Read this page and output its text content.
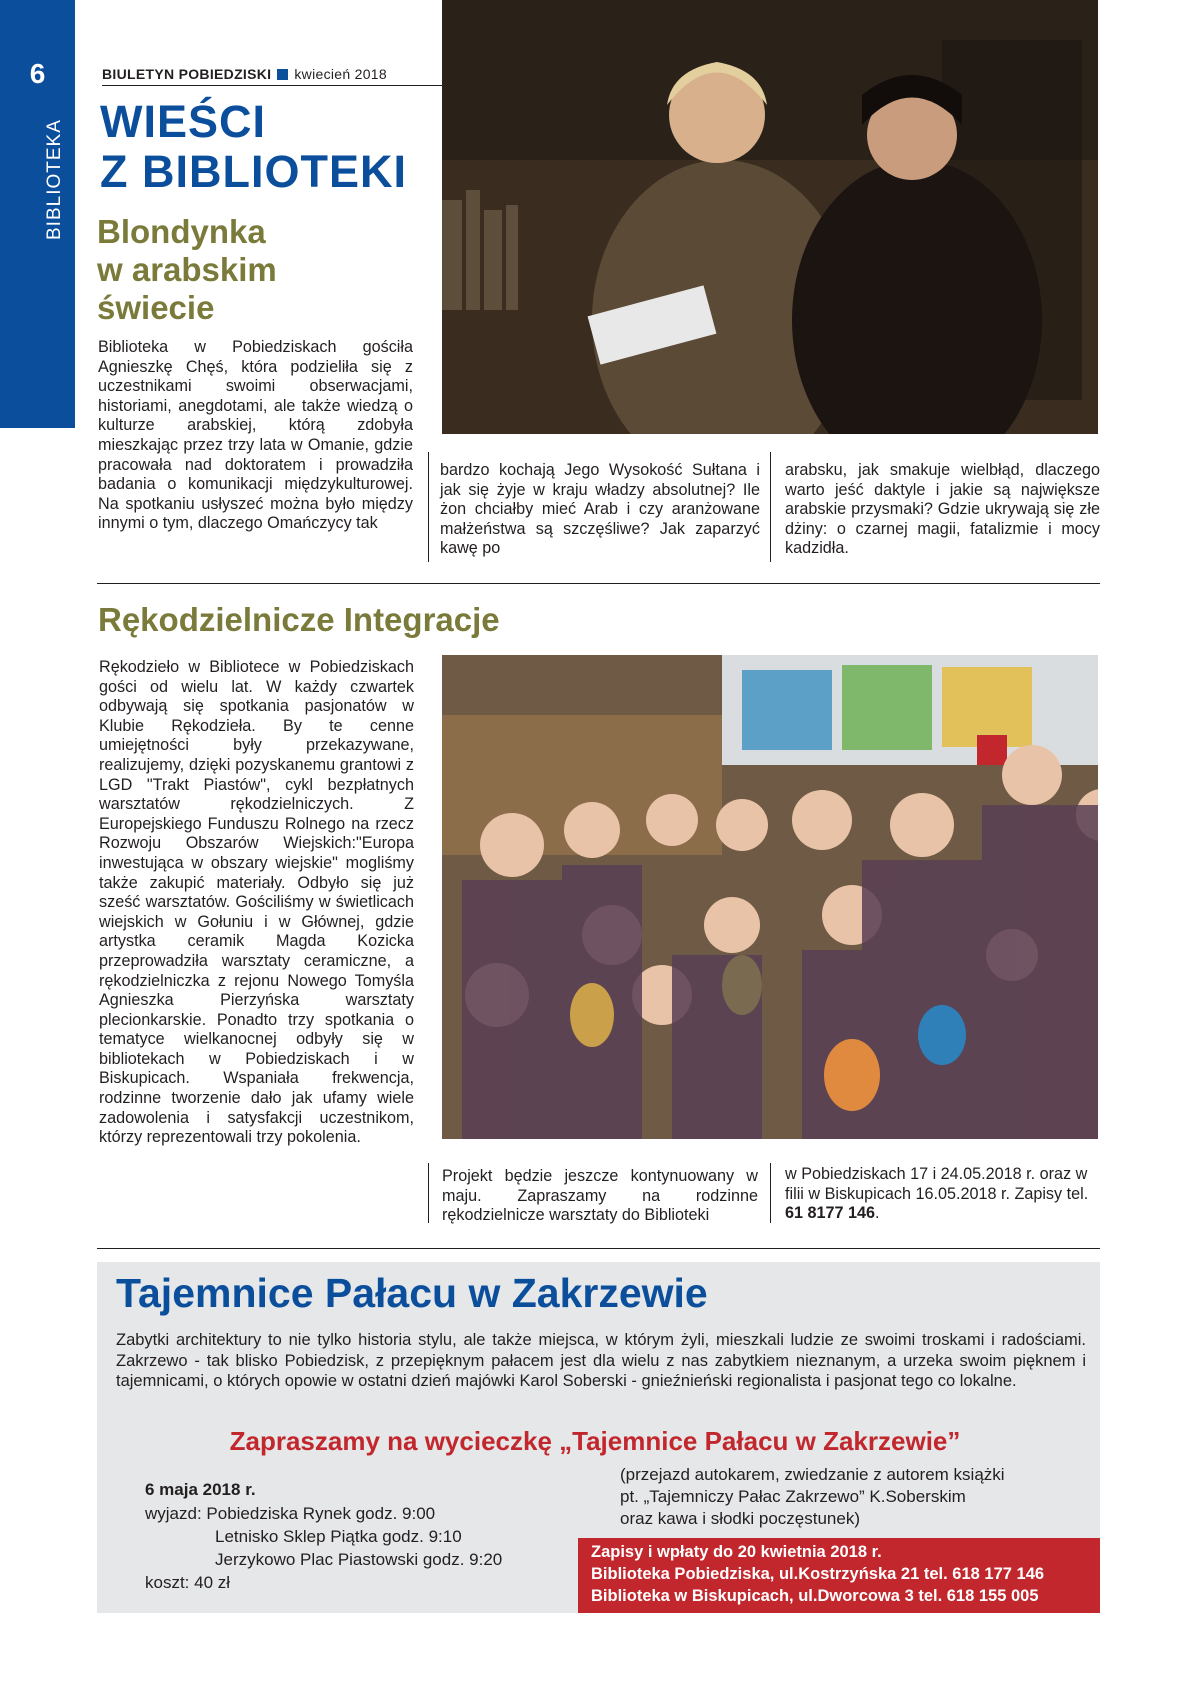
6
BIBLIOTEKA
BIULETYN POBIEDZISKI kwiecień 2018
WIEŚCI
Z BIBLIOTEKI
Blondynka
w arabskim
świecie
Biblioteka w Pobiedziskach gościła Agnieszkę Chęś, która podzieliła się z uczestnikami swoimi obserwacjami, historiami, anegdotami, ale także wiedzą o kulturze arabskiej, którą zdobyła mieszkając przez trzy lata w Omanie, gdzie pracowała nad doktoratem i prowadziła badania o komunikacji międzykulturowej. Na spotkaniu usłyszeć można było między innymi o tym, dlaczego Omańczycy tak
bardzo kochają Jego Wysokość Sułtana i jak się żyje w kraju władzy absolutnej? Ile żon chciałby mieć Arab i czy aranżowane małżeństwa są szczęśliwe? Jak zaparzyć kawę po
arabsku, jak smakuje wielbłąd, dlaczego warto jeść daktyle i jakie są największe arabskie przysmaki? Gdzie ukrywają się złe dżiny: o czarnej magii, fatalizmie i mocy kadzidła.
Rękodzielnicze Integracje
Rękodzieło w Bibliotece w Pobiedziskach gości od wielu lat. W każdy czwartek odbywają się spotkania pasjonatów w Klubie Rękodzieła. By te cenne umiejętności były przekazywane, realizujemy, dzięki pozyskanemu grantowi z LGD "Trakt Piastów", cykl bezpłatnych warsztatów rękodzielniczych. Z Europejskiego Funduszu Rolnego na rzecz Rozwoju Obszarów Wiejskich:"Europa inwestująca w obszary wiejskie" mogliśmy także zakupić materiały. Odbyło się już sześć warsztatów. Gościliśmy w świetlicach wiejskich w Gołuniu i w Głównej, gdzie artystka ceramik Magda Kozicka przeprowadziła warsztaty ceramiczne, a rękodzielniczka z rejonu Nowego Tomyśla Agnieszka Pierzyńska warsztaty plecionkarskie. Ponadto trzy spotkania o tematyce wielkanocnej odbyły się w bibliotekach w Pobiedziskach i w Biskupicach. Wspaniała frekwencja, rodzinne tworzenie dało jak ufamy wiele zadowolenia i satysfakcji uczestnikom, którzy reprezentowali trzy pokolenia.
Projekt będzie jeszcze kontynuowany w maju. Zapraszamy na rodzinne rękodzielnicze warsztaty do Biblioteki
w Pobiedziskach 17 i 24.05.2018 r. oraz w filii w Biskupicach 16.05.2018 r. Zapisy tel. 61 8177 146.
Tajemnice Pałacu w Zakrzewie
Zabytki architektury to nie tylko historia stylu, ale także miejsca, w którym żyli, mieszkali ludzie ze swoimi troskami i radościami. Zakrzewo - tak blisko Pobiedzisk, z przepięknym pałacem jest dla wielu z nas zabytkiem nieznanym, a urzeka swoim pięknem i tajemnicami, o których opowie w ostatni dzień majówki Karol Soberski - gnieźnieński regionalista i pasjonat tego co lokalne.
Zapraszamy na wycieczkę „Tajemnice Pałacu w Zakrzewie”
6 maja 2018 r.
wyjazd: Pobiedziska Rynek godz. 9:00
Letnisko Sklep Piątka godz. 9:10
Jerzykowo Plac Piastowski godz. 9:20
koszt: 40 zł
(przejazd autokarem, zwiedzanie z autorem książki
pt. „Tajemniczy Pałac Zakrzewo” K.Soberskim
oraz kawa i słodki poczęstunek)
Zapisy i wpłaty do 20 kwietnia 2018 r.
Biblioteka Pobiedziska, ul.Kostrzyńska 21 tel. 618 177 146
Biblioteka w Biskupicach, ul.Dworcowa 3 tel. 618 155 005
